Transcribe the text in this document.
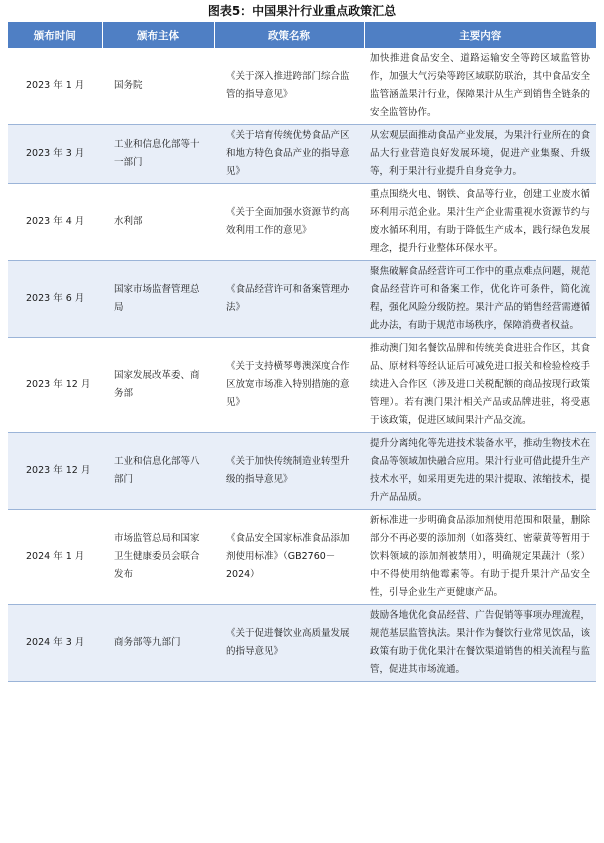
图表5：中国果汁行业重点政策汇总
颁布时间	颁布主体	政策名称	主要内容
2023 年 1 月	国务院	《关于深入推进跨部门综合监管的指导意见》	加快推进食品安全、道路运输安全等跨区域监管协作，加强大气污染等跨区域联防联治，其中食品安全监管涵盖果汁行业，保障果汁从生产到销售全链条的安全监管协作。
2023 年 3 月	工业和信息化部等十一部门	《关于培育传统优势食品产区和地方特色食品产业的指导意见》	从宏观层面推动食品产业发展，为果汁行业所在的食品大行业营造良好发展环境，促进产业集聚、升级等，利于果汁行业提升自身竞争力。
2023 年 4 月	水利部	《关于全面加强水资源节约高效利用工作的意见》	重点围绕火电、钢铁、食品等行业，创建工业废水循环利用示范企业。果汁生产企业需重视水资源节约与废水循环利用，有助于降低生产成本，践行绿色发展理念，提升行业整体环保水平。
2023 年 6 月	国家市场监督管理总局	《食品经营许可和备案管理办法》	聚焦破解食品经营许可工作中的重点难点问题，规范食品经营许可和备案工作，优化许可条件，简化流程，强化风险分级防控。果汁产品的销售经营需遵循此办法，有助于规范市场秩序，保障消费者权益。
2023 年 12 月	国家发展改革委、商务部	《关于支持横琴粤澳深度合作区放宽市场准入特别措施的意见》	推动澳门知名餐饮品牌和传统美食进驻合作区，其食品、原材料等经认证后可减免进口报关和检验检疫手续进入合作区（涉及进口关税配额的商品按现行政策管理）。若有澳门果汁相关产品或品牌进驻，将受惠于该政策，促进区域间果汁产品交流。
2023 年 12 月	工业和信息化部等八部门	《关于加快传统制造业转型升级的指导意见》	提升分离纯化等先进技术装备水平，推动生物技术在食品等领域加快融合应用。果汁行业可借此提升生产技术水平，如采用更先进的果汁提取、浓缩技术，提升产品品质。
2024 年 1 月	市场监管总局和国家卫生健康委员会联合发布	《食品安全国家标准食品添加剂使用标准》（GB2760－2024）	新标准进一步明确食品添加剂使用范围和限量，删除部分不再必要的添加剂（如落葵红、密蒙黄等暂用于饮料领域的添加剂被禁用），明确规定果蔬汁（浆）中不得使用纳他霉素等。有助于提升果汁产品安全性，引导企业生产更健康产品。
2024 年 3 月	商务部等九部门	《关于促进餐饮业高质量发展的指导意见》	鼓励各地优化食品经营、广告促销等事项办理流程，规范基层监管执法。果汁作为餐饮行业常见饮品，该政策有助于优化果汁在餐饮渠道销售的相关流程与监管，促进其市场流通。
